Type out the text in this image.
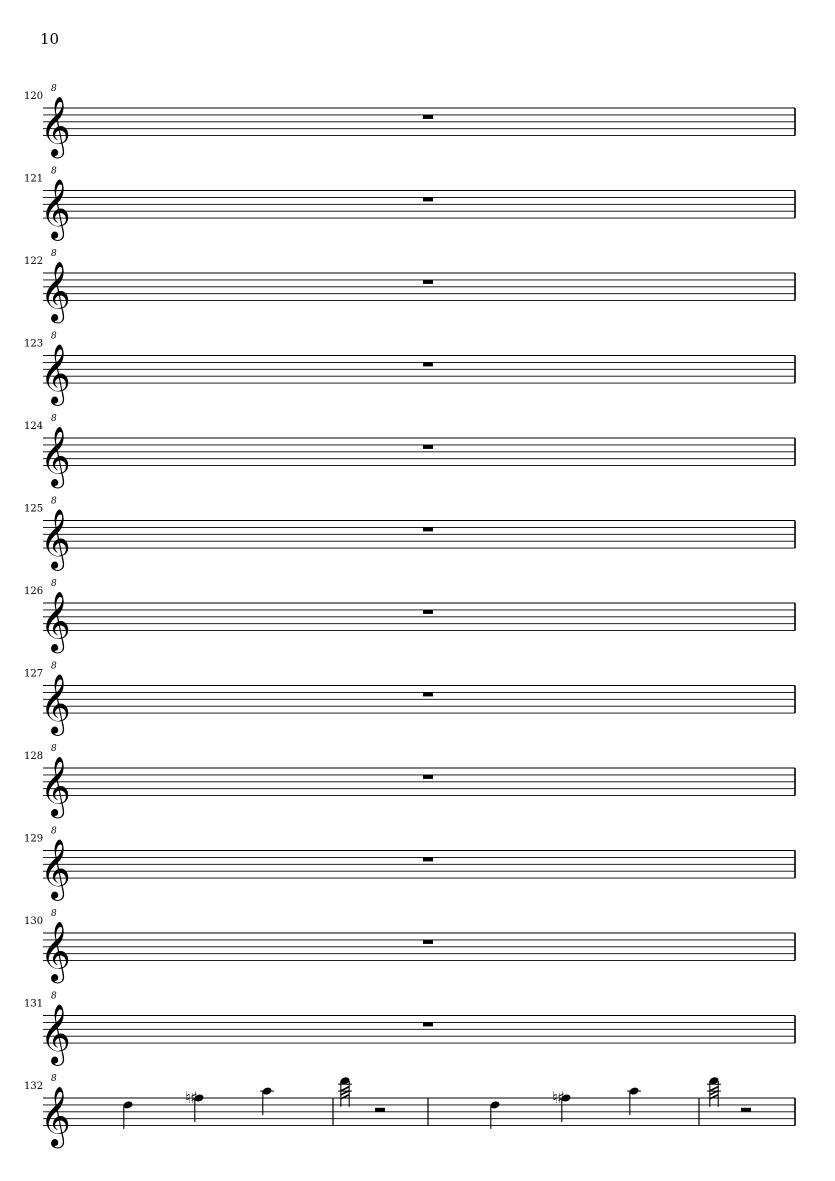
10
120
𝄞
8
121
𝄞
8
122
𝄞
8
123
𝄞
8
124
𝄞
8
125
𝄞
8
126
𝄞
8
127
𝄞
8
128
𝄞
8
129
𝄞
8
130
𝄞
8
131
𝄞
8
132
𝄞
8
♮ ♯	♮ ♯
